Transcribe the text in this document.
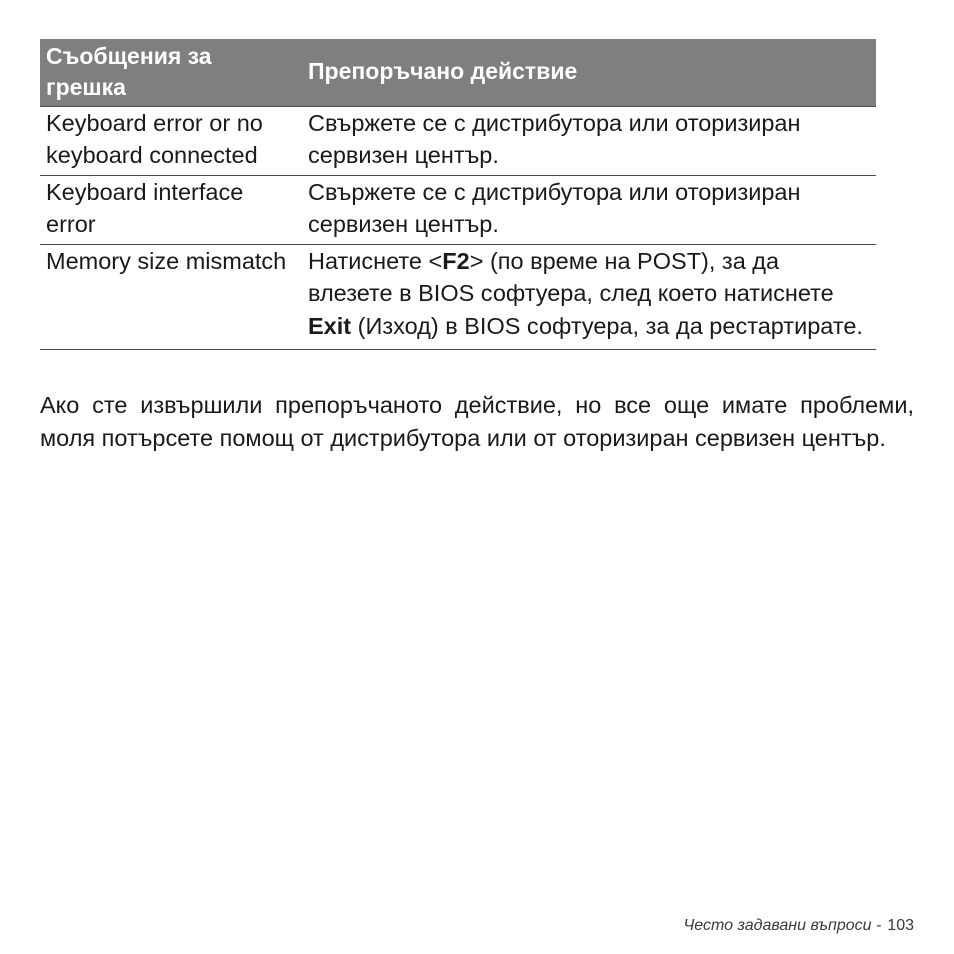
Съобщения за грешка	Препоръчано действие
Keyboard error or no keyboard connected	Свържете се с дистрибутора или оторизиран сервизен център.
Keyboard interface error	Свържете се с дистрибутора или оторизиран сервизен център.
Memory size mismatch	Натиснете <F2> (по време на POST), за да влезете в BIOS софтуера, след което натиснете Exit (Изход) в BIOS софтуера, за да рестартирате.

Ако сте извършили препоръчаното действие, но все още имате проблеми, моля потърсете помощ от дистрибутора или от оторизиран сервизен център.

Често задавани въпроси - 103
